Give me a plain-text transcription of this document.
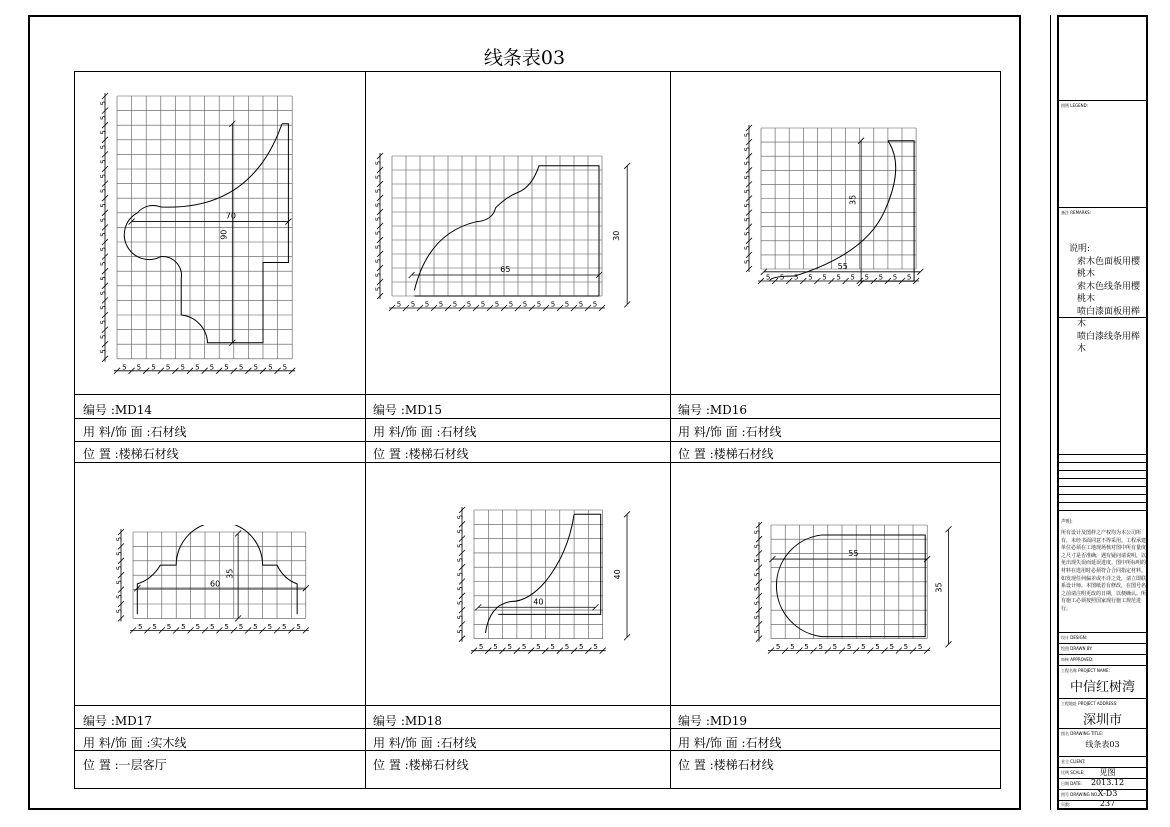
线条表03
编号 :MD14
用 料/饰 面 :石材线
位 置 :楼梯石材线
编号 :MD15
用 料/饰 面 :石材线
位 置 :楼梯石材线
编号 :MD16
用 料/饰 面 :石材线
位 置 :楼梯石材线
编号 :MD17
用 料/饰 面 :实木线
位 置 :一层客厅
编号 :MD18
用 料/饰 面 :石材线
位 置 :楼梯石材线
编号 :MD19
用 料/饰 面 :石材线
位 置 :楼梯石材线
5 5 5 5 5 5 5 5 5 5 5 5
5
5
5
5
5
5
5
5
5
5
5
5
5
5
5
5
5
5
90
70
5 5 5 5 5 5 5 5 5 5 5 5 5 5 5
5
5
5
5
5
5
5
5
5
5
65
30
5 5 5 5 5 5 5 5 5 5 5
5
5
5
5
5
5
5
5
5
5
35
55
5 5 5 5 5 5 5 5 5 5 5 5
5
5
5
5
5
5
60
35
5 5 5 5 5 5 5 5 5
5
5
5
5
5
5
5
5
5
40
40
5 5 5 5 5 5 5 5 5 5 5
5
5
5
5
5
5
5
5
55
35
图例 LEGEND:
备注 REMARKS:
说明:
索木色面板用樱桃木
索木色线条用樱桃木
喷白漆面板用榉木
喷白漆线条用榉木
声明:
所有设计及图样之产权均为本公司所有，未经书面同意不得采用。工程承建单位必须在工地现场核对图中所有量度之尺寸是否准确，遇有疑问请说明，以免出现失误而延误进度。图中所标明的材料在选用时必须符合合同指定材料。如发现任何偏差或不详之处，请立即联系设计师。本图纸若有修改，在图号名之前请注明更改的日期，以便确认。所有施工必须按照国家现行施工规范进行。
设计 DESIGN:
绘图 DRAWN BY:
审核 APPROVED:
工程名称 PROJECT NAME:
中信红树湾
工程地址 PROJECT ADDRESS:
深圳市
图名 DRAWING TITLE:
线条表03
业主 CLIENT:
比例 SCALE:	见图
日期 DATE:	2013.12
图号 DRAWING NO.:
X-D3
页数:	237
